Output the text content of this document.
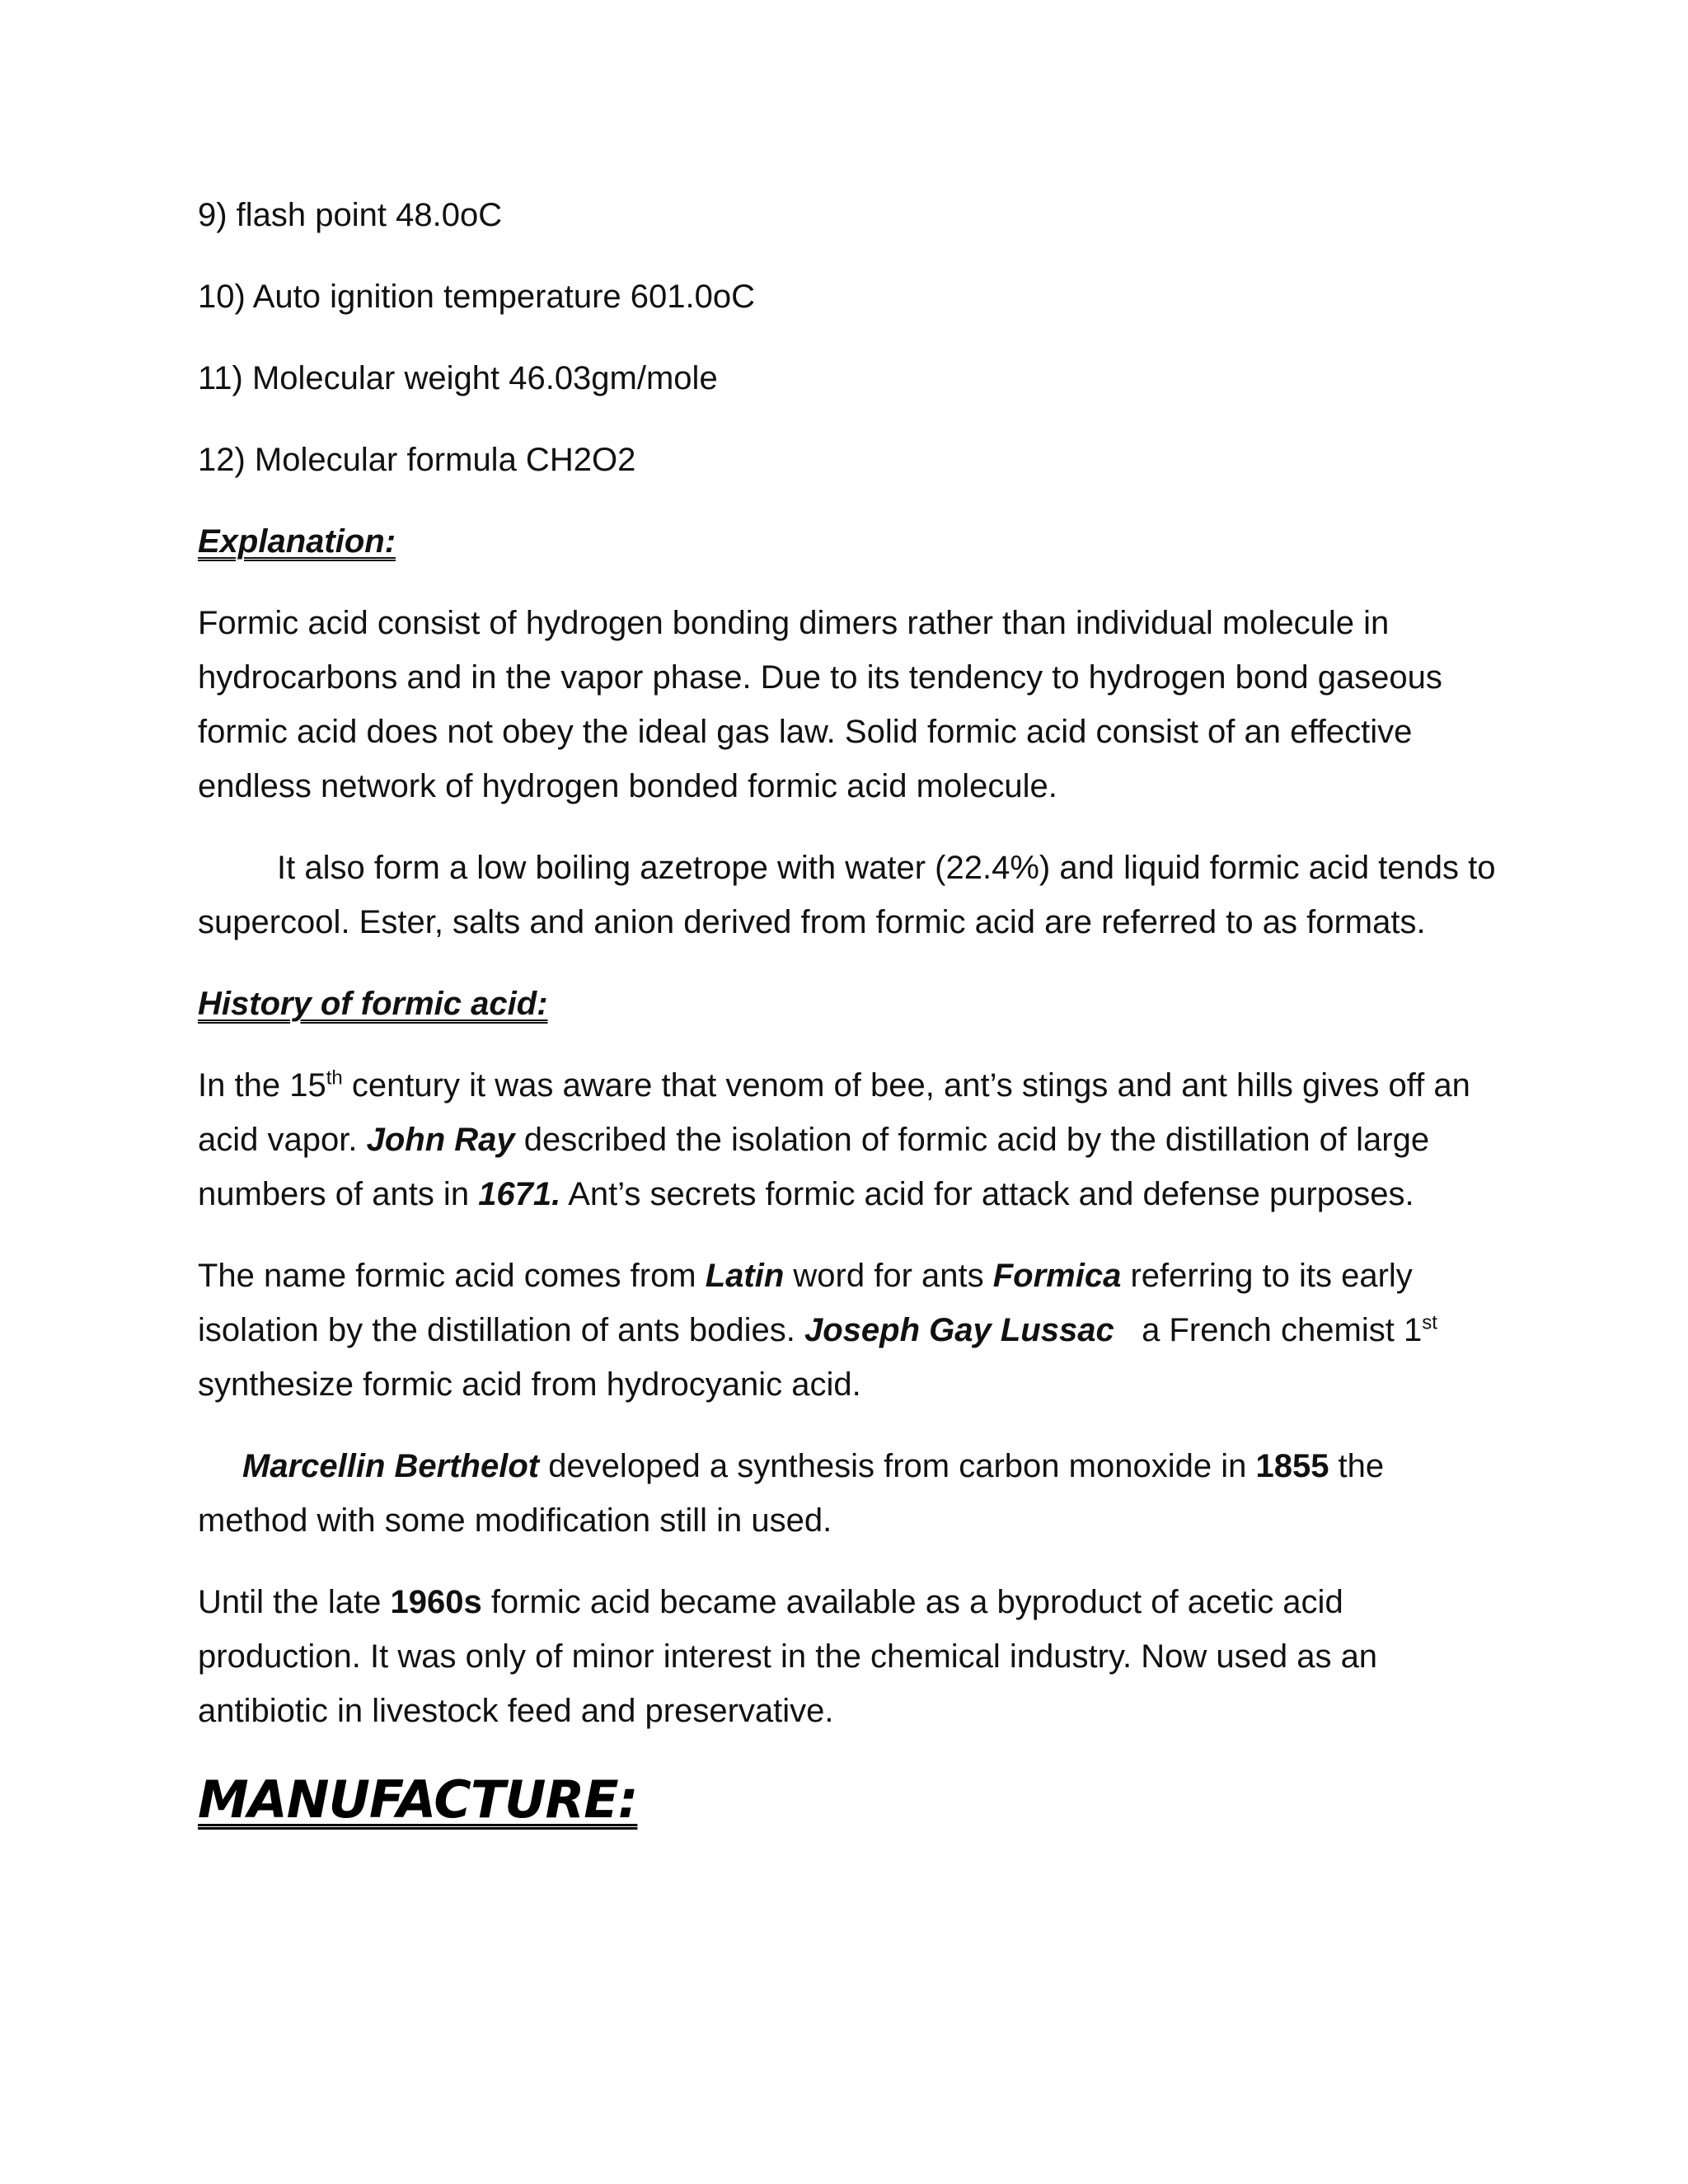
9) flash point 48.0oC

10) Auto ignition temperature 601.0oC

11) Molecular weight 46.03gm/mole

12) Molecular formula CH2O2

Explanation:

Formic acid consist of hydrogen bonding dimers rather than individual molecule in hydrocarbons and in the vapor phase. Due to its tendency to hydrogen bond gaseous formic acid does not obey the ideal gas law. Solid formic acid consist of an effective endless network of hydrogen bonded formic acid molecule.

It also form a low boiling azetrope with water (22.4%) and liquid formic acid tends to supercool. Ester, salts and anion derived from formic acid are referred to as formats.

History of formic acid:

In the 15th century it was aware that venom of bee, ant’s stings and ant hills gives off an acid vapor. John Ray described the isolation of formic acid by the distillation of large numbers of ants in 1671. Ant’s secrets formic acid for attack and defense purposes.

The name formic acid comes from Latin word for ants Formica referring to its early isolation by the distillation of ants bodies. Joseph Gay Lussac   a French chemist 1st synthesize formic acid from hydrocyanic acid.

Marcellin Berthelot developed a synthesis from carbon monoxide in 1855 the method with some modification still in used.

Until the late 1960s formic acid became available as a byproduct of acetic acid production. It was only of minor interest in the chemical industry. Now used as an antibiotic in livestock feed and preservative.

MANUFACTURE:
